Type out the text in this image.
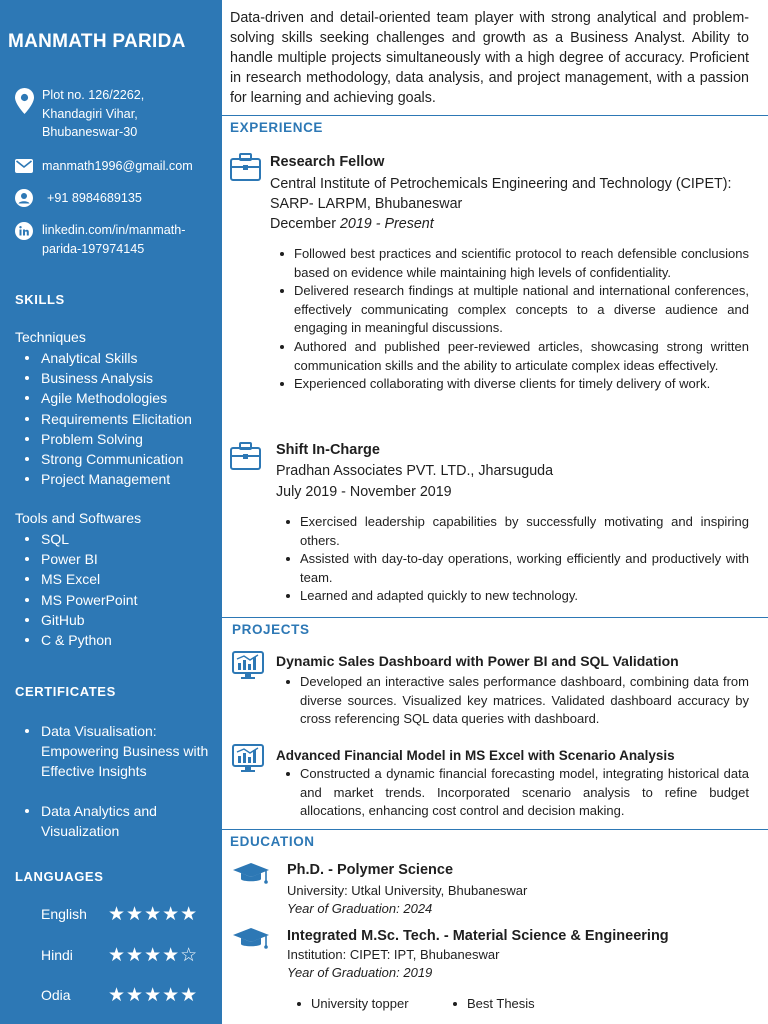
MANMATH PARIDA
Plot no. 126/2262,
Khandagiri Vihar,
Bhubaneswar-30
manmath1996@gmail.com
+91 8984689135
linkedin.com/in/manmath-
parida-197974145
SKILLS
Techniques
Analytical Skills
Business Analysis
Agile Methodologies
Requirements Elicitation
Problem Solving
Strong Communication
Project Management
Tools and Softwares
SQL
Power BI
MS Excel
MS PowerPoint
GitHub
C & Python
CERTIFICATES
Data Visualisation: Empowering Business with Effective Insights
Data Analytics and Visualization
LANGUAGES
English ★★★★★
Hindi ★★★★☆
Odia ★★★★★
Data-driven and detail-oriented team player with strong analytical and problem-solving skills seeking challenges and growth as a Business Analyst. Ability to handle multiple projects simultaneously with a high degree of accuracy. Proficient in research methodology, data analysis, and project management, with a passion for learning and achieving goals.
EXPERIENCE
Research Fellow
Central Institute of Petrochemicals Engineering and Technology (CIPET): SARP- LARPM, Bhubaneswar
December 2019 - Present
Followed best practices and scientific protocol to reach defensible conclusions based on evidence while maintaining high levels of confidentiality.
Delivered research findings at multiple national and international conferences, effectively communicating complex concepts to a diverse audience and engaging in meaningful discussions.
Authored and published peer-reviewed articles, showcasing strong written communication skills and the ability to articulate complex ideas effectively.
Experienced collaborating with diverse clients for timely delivery of work.
Shift In-Charge
Pradhan Associates PVT. LTD., Jharsuguda
July 2019 - November 2019
Exercised leadership capabilities by successfully motivating and inspiring others.
Assisted with day-to-day operations, working efficiently and productively with team.
Learned and adapted quickly to new technology.
PROJECTS
Dynamic Sales Dashboard with Power BI and SQL Validation
Developed an interactive sales performance dashboard, combining data from diverse sources. Visualized key matrices. Validated dashboard accuracy by cross referencing SQL data queries with dashboard.
Advanced Financial Model in MS Excel with Scenario Analysis
Constructed a dynamic financial forecasting model, integrating historical data and market trends. Incorporated scenario analysis to refine budget allocations, enhancing cost control and decision making.
EDUCATION
Ph.D. - Polymer Science
University: Utkal University, Bhubaneswar
Year of Graduation: 2024
Integrated M.Sc. Tech. - Material Science & Engineering
Institution: CIPET: IPT, Bhubaneswar
Year of Graduation: 2019
University topper	Best Thesis
